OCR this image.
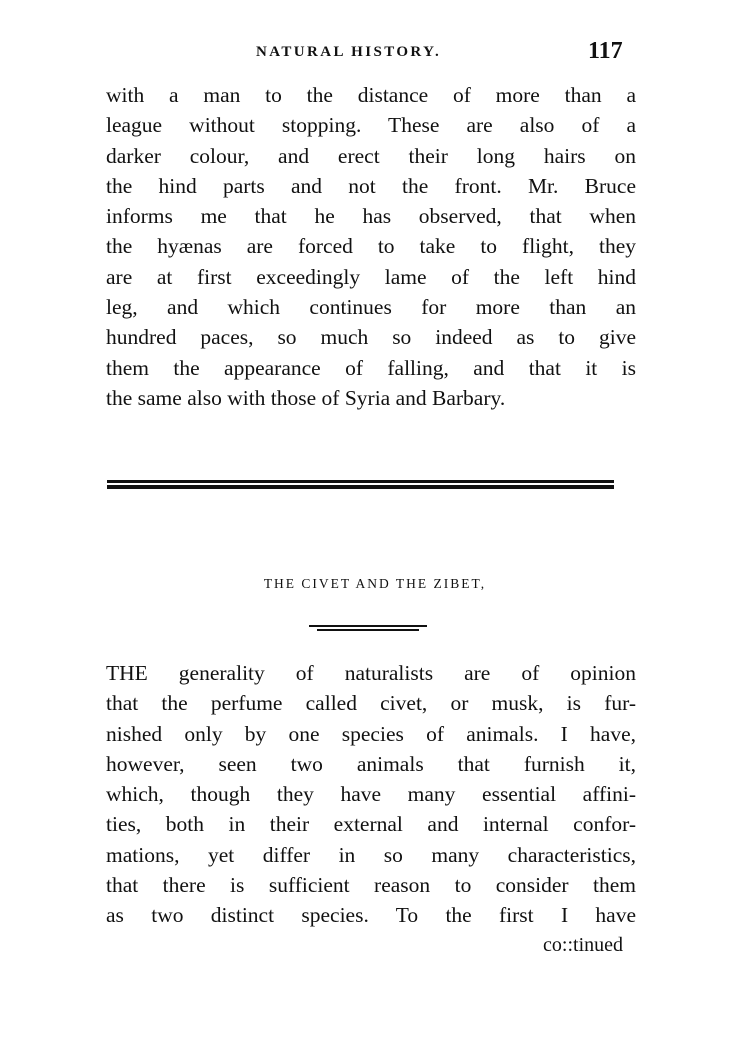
NATURAL HISTORY.	117
with a man to the distance of more than a
league without stopping. These are also of a
darker colour, and erect their long hairs on
the hind parts and not the front. Mr. Bruce
informs me that he has observed, that when
the hyænas are forced to take to flight, they
are at first exceedingly lame of the left hind
leg, and which continues for more than an
hundred paces, so much so indeed as to give
them the appearance of falling, and that it is
the same also with those of Syria and Barbary.
THE CIVET AND THE ZIBET,
THE generality of naturalists are of opinion
that the perfume called civet, or musk, is fur-
nished only by one species of animals. I have,
however, seen two animals that furnish it,
which, though they have many essential affini-
ties, both in their external and internal confor-
mations, yet differ in so many characteristics,
that there is sufficient reason to consider them
as two distinct species. To the first I have
co::tinued
